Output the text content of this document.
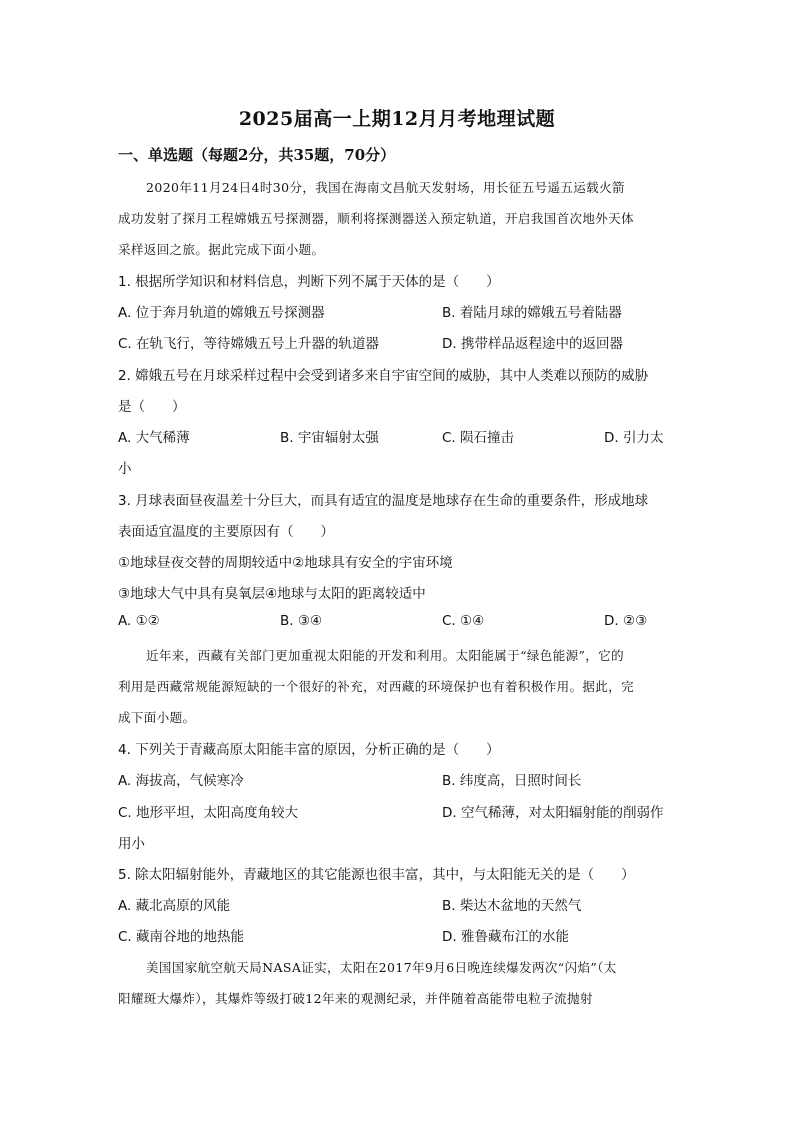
2025届高一上期12月月考地理试题
一、单选题（每题2分，共35题，70分）
2020年11月24日4时30分，我国在海南文昌航天发射场，用长征五号遥五运载火箭
成功发射了探月工程嫦娥五号探测器，顺利将探测器送入预定轨道，开启我国首次地外天体
采样返回之旅。据此完成下面小题。
1. 根据所学知识和材料信息，判断下列不属于天体的是（　　）
A. 位于奔月轨道的嫦娥五号探测器	B. 着陆月球的嫦娥五号着陆器
C. 在轨飞行，等待嫦娥五号上升器的轨道器	D. 携带样品返程途中的返回器
2. 嫦娥五号在月球采样过程中会受到诸多来自宇宙空间的威胁，其中人类难以预防的威胁
是（　　）
A. 大气稀薄	B. 宇宙辐射太强	C. 陨石撞击	D. 引力太
小
3. 月球表面昼夜温差十分巨大，而具有适宜的温度是地球存在生命的重要条件，形成地球
表面适宜温度的主要原因有（　　）
①地球昼夜交替的周期较适中②地球具有安全的宇宙环境
③地球大气中具有臭氧层④地球与太阳的距离较适中
A. ①②	B. ③④	C. ①④	D. ②③
近年来，西藏有关部门更加重视太阳能的开发和利用。太阳能属于“绿色能源”，它的
利用是西藏常规能源短缺的一个很好的补充，对西藏的环境保护也有着积极作用。据此，完
成下面小题。
4. 下列关于青藏高原太阳能丰富的原因，分析正确的是（　　）
A. 海拔高，气候寒冷	B. 纬度高，日照时间长
C. 地形平坦，太阳高度角较大	D. 空气稀薄，对太阳辐射能的削弱作
用小
5. 除太阳辐射能外，青藏地区的其它能源也很丰富，其中，与太阳能无关的是（　　）
A. 藏北高原的风能	B. 柴达木盆地的天然气
C. 藏南谷地的地热能	D. 雅鲁藏布江的水能
美国国家航空航天局NASA证实，太阳在2017年9月6日晚连续爆发两次“闪焰”（太
阳耀斑大爆炸），其爆炸等级打破12年来的观测纪录，并伴随着高能带电粒子流抛射
